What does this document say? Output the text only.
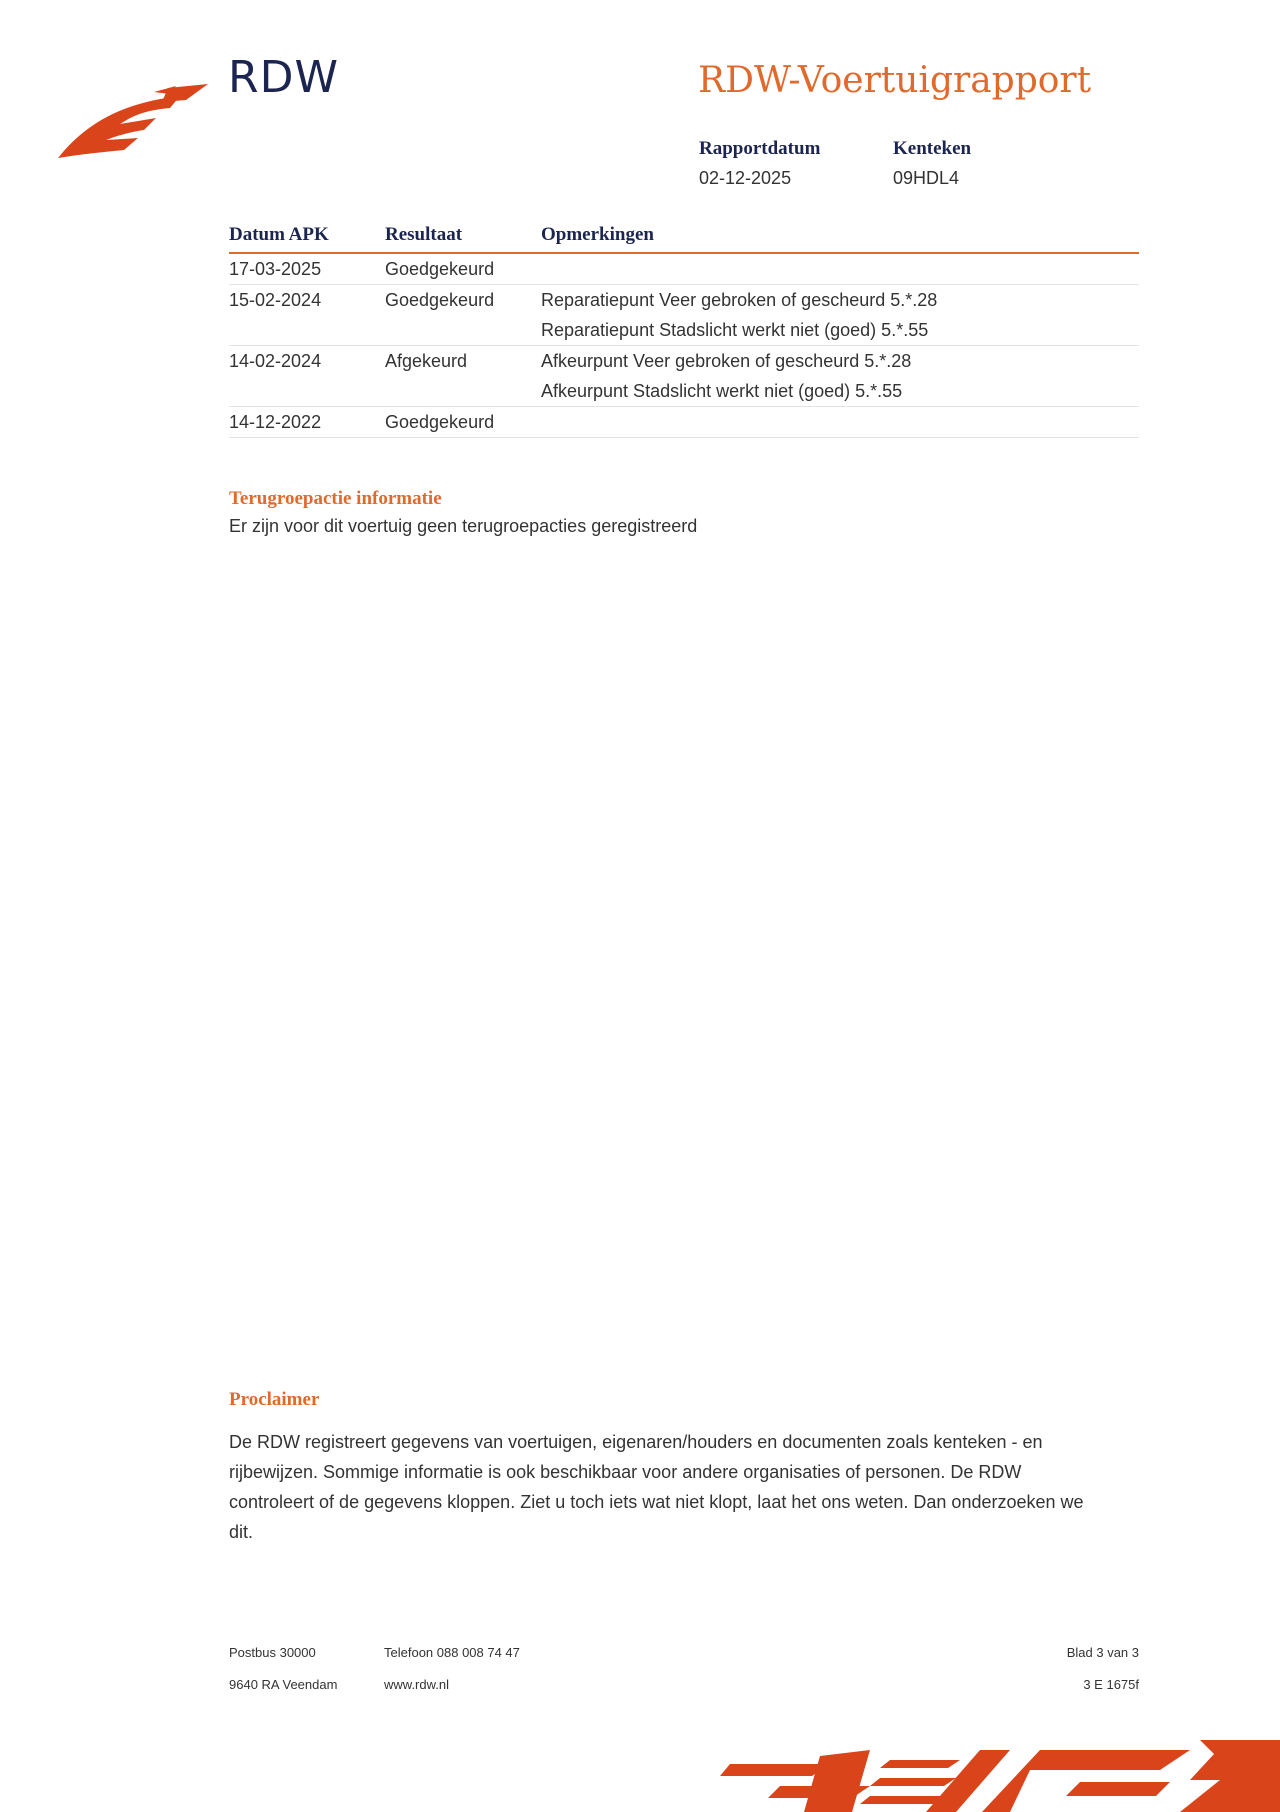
RDW	RDW-Voertuigrapport
Rapportdatum
02-12-2025
Kenteken
09HDL4
Datum APK	Resultaat	Opmerkingen

17-03-2025	Goedgekeurd	

15-02-2024	Goedgekeurd	Reparatiepunt Veer gebroken of gescheurd 5.*.28
Reparatiepunt Stadslicht werkt niet (goed) 5.*.55

14-02-2024	Afgekeurd	Afkeurpunt Veer gebroken of gescheurd 5.*.28
Afkeurpunt Stadslicht werkt niet (goed) 5.*.55

14-12-2022	Goedgekeurd	

Terugroepactie informatie
Er zijn voor dit voertuig geen terugroepacties geregistreerd
Proclaimer
De RDW registreert gegevens van voertuigen, eigenaren/houders en documenten zoals kenteken - en rijbewijzen. Sommige informatie is ook beschikbaar voor andere organisaties of personen. De RDW controleert of de gegevens kloppen. Ziet u toch iets wat niet klopt, laat het ons weten. Dan onderzoeken we dit.
Postbus 30000
9640 RA Veendam
Telefoon 088 008 74 47
www.rdw.nl
Blad 3 van 3
3 E 1675f
